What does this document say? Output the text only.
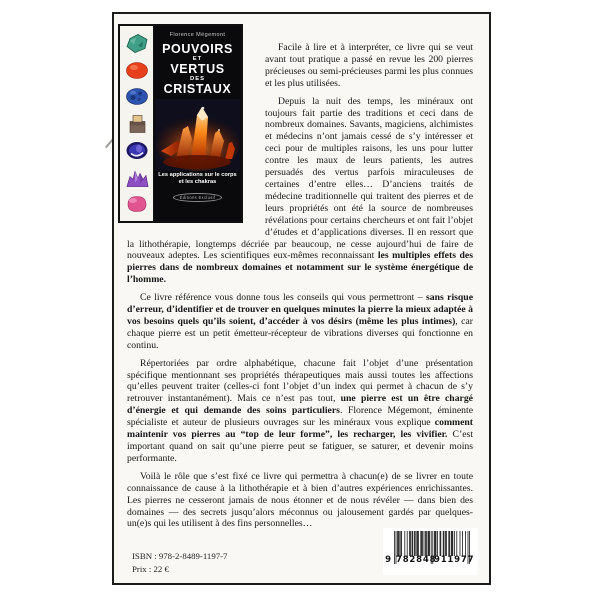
Florence Mégemont
POUVOIRS
ET
VERTUS
DES
CRISTAUX
Les applications sur le corps
et les chakras
Éditions Exclusif

Facile à lire et à interpréter, ce livre qui se veut avant tout pratique a passé en revue les 200 pierres précieuses ou semi-précieuses parmi les plus connues et les plus utilisées.

Depuis la nuit des temps, les minéraux ont toujours fait partie des traditions et ceci dans de nombreux domaines. Savants, magiciens, alchimistes et médecins n’ont jamais cessé de s’y intéresser et ceci pour de multiples raisons, les uns pour lutter contre les maux de leurs patients, les autres persuadés des vertus parfois miraculeuses de certaines d’entre elles… D’anciens traités de médecine traditionnelle qui traitent des pierres et de leurs propriétés ont été la source de nombreuses révélations pour certains chercheurs et ont fait l’objet d’études et d’applications diverses. Il en ressort que la lithothérapie, longtemps décriée par beaucoup, ne cesse aujourd’hui de faire de nouveaux adeptes. Les scientifiques eux-mêmes reconnaissant les multiples effets des pierres dans de nombreux domaines et notamment sur le système énergétique de l’homme.

Ce livre référence vous donne tous les conseils qui vous permettront – sans risque d’erreur, d’identifier et de trouver en quelques minutes la pierre la mieux adaptée à vos besoins quels qu’ils soient, d’accéder à vos désirs (même les plus intimes), car chaque pierre est un petit émetteur-récepteur de vibrations diverses qui fonctionne en continu.

Répertoriées par ordre alphabétique, chacune fait l’objet d’une présentation spécifique mentionnant ses propriétés thérapeutiques mais aussi toutes les affections qu’elles peuvent traiter (celles-ci font l’objet d’un index qui permet à chacun de s’y retrouver instantanément). Mais ce n’est pas tout, une pierre est un être chargé d’énergie et qui demande des soins particuliers. Florence Mégemont, éminente spécialiste et auteur de plusieurs ouvrages sur les minéraux vous explique comment maintenir vos pierres au “top de leur forme”, les recharger, les vivifier. C’est important quand on sait qu’une pierre peut se fatiguer, se saturer, et devenir moins performante.

Voilà le rôle que s’est fixé ce livre qui permettra à chacun(e) de se livrer en toute connaissance de cause à la lithothérapie et à bien d’autres expériences enrichissantes. Les pierres ne cesseront jamais de nous étonner et de nous révéler — dans bien des domaines — des secrets jusqu’alors méconnus ou jalousement gardés par quelques-un(e)s qui les utilisent à des fins personnelles…

ISBN : 978-2-8489-1197-7
Prix : 22 €
9 782848
911977
